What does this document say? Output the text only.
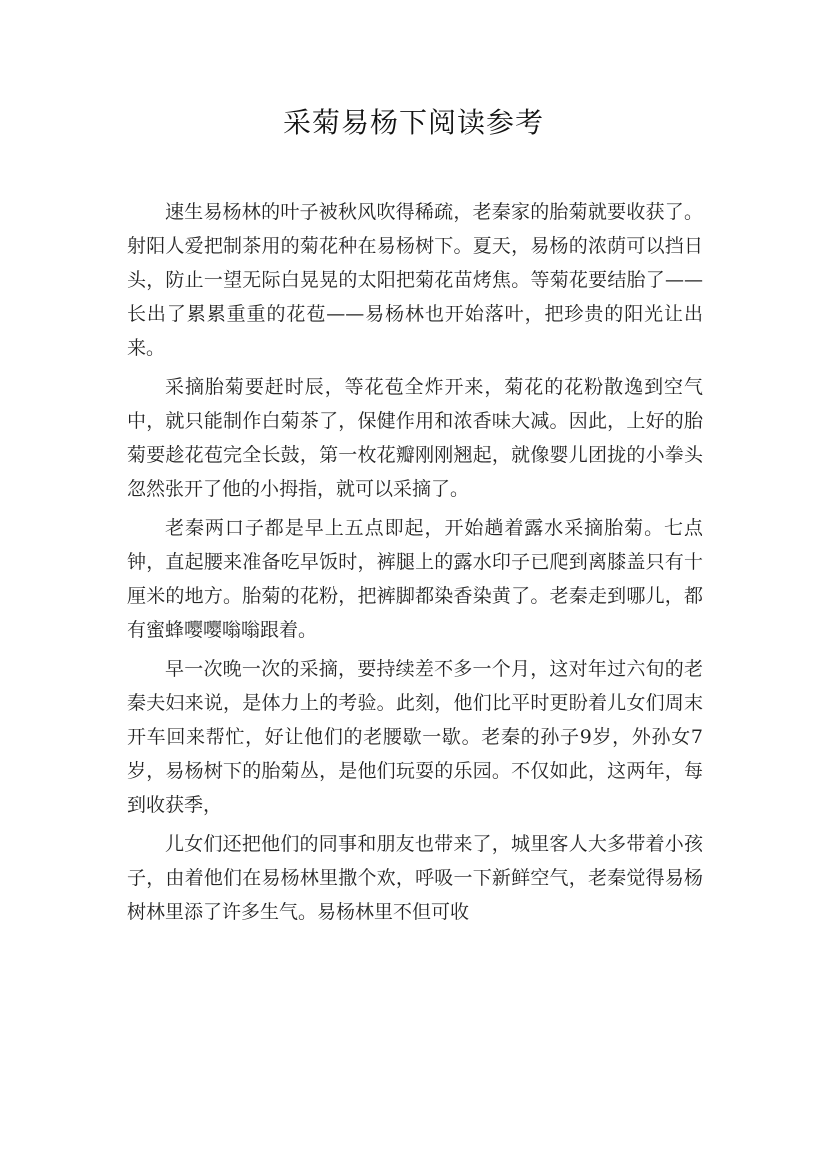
采菊易杨下阅读参考

速生易杨林的叶子被秋风吹得稀疏，老秦家的胎菊就要收获了。射阳人爱把制茶用的菊花种在易杨树下。夏天，易杨的浓荫可以挡日头，防止一望无际白晃晃的太阳把菊花苗烤焦。等菊花要结胎了——长出了累累重重的花苞——易杨林也开始落叶，把珍贵的阳光让出来。

采摘胎菊要赶时辰，等花苞全炸开来，菊花的花粉散逸到空气中，就只能制作白菊茶了，保健作用和浓香味大减。因此，上好的胎菊要趁花苞完全长鼓，第一枚花瓣刚刚翘起，就像婴儿团拢的小拳头忽然张开了他的小拇指，就可以采摘了。

老秦两口子都是早上五点即起，开始趟着露水采摘胎菊。七点钟，直起腰来准备吃早饭时，裤腿上的露水印子已爬到离膝盖只有十厘米的地方。胎菊的花粉，把裤脚都染香染黄了。老秦走到哪儿，都有蜜蜂嘤嘤嗡嗡跟着。

早一次晚一次的采摘，要持续差不多一个月，这对年过六旬的老秦夫妇来说，是体力上的考验。此刻，他们比平时更盼着儿女们周末开车回来帮忙，好让他们的老腰歇一歇。老秦的孙子9岁，外孙女7岁，易杨树下的胎菊丛，是他们玩耍的乐园。不仅如此，这两年，每到收获季，

儿女们还把他们的同事和朋友也带来了，城里客人大多带着小孩子，由着他们在易杨林里撒个欢，呼吸一下新鲜空气，老秦觉得易杨树林里添了许多生气。易杨林里不但可收
